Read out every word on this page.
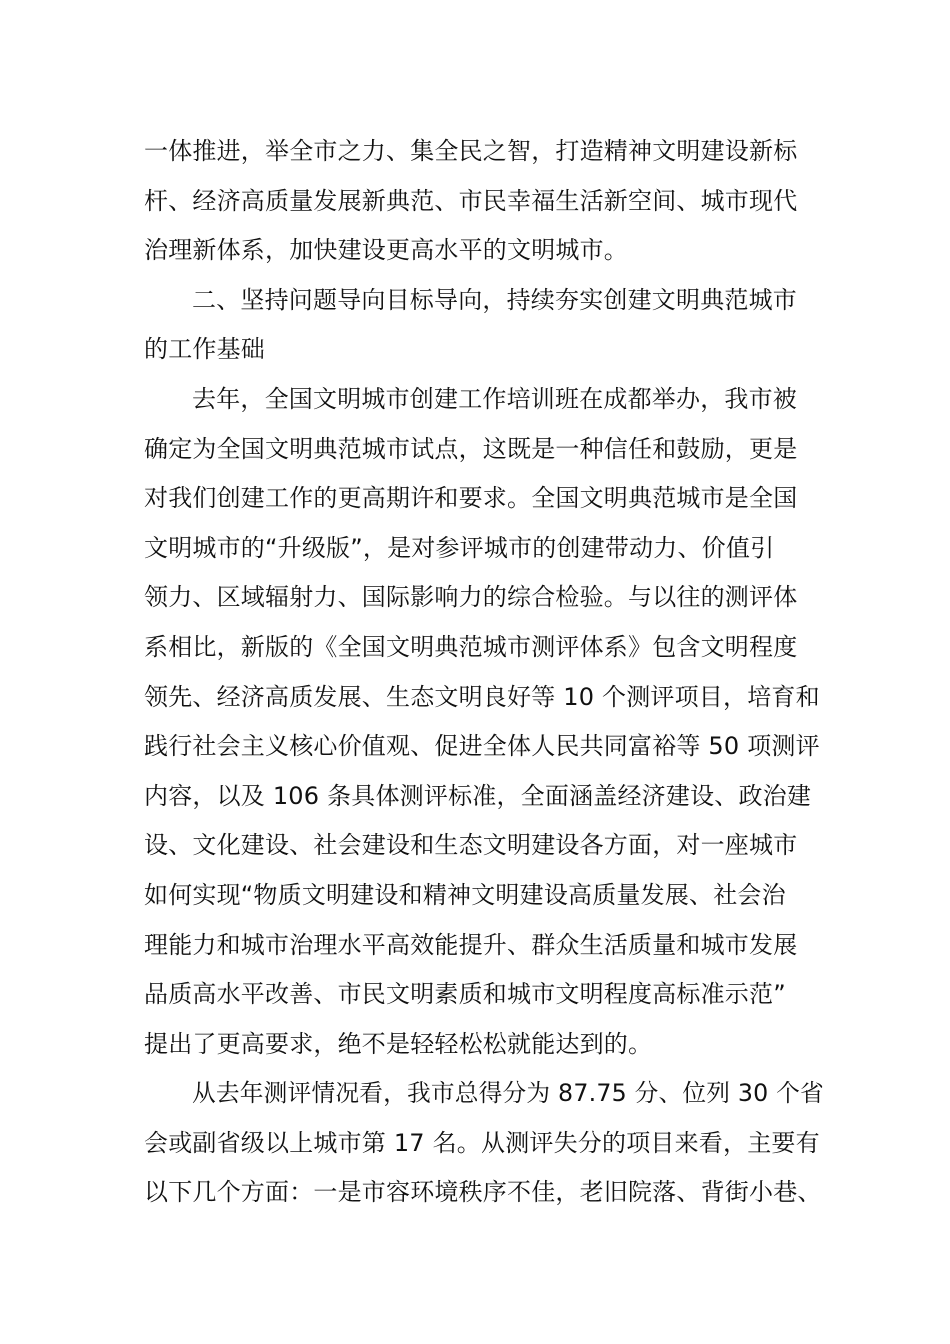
一体推进，举全市之力、集全民之智，打造精神文明建设新标
杆、经济高质量发展新典范、市民幸福生活新空间、城市现代
治理新体系，加快建设更高水平的文明城市。
二、坚持问题导向目标导向，持续夯实创建文明典范城市
的工作基础
去年，全国文明城市创建工作培训班在成都举办，我市被
确定为全国文明典范城市试点，这既是一种信任和鼓励，更是
对我们创建工作的更高期许和要求。全国文明典范城市是全国
文明城市的“升级版”，是对参评城市的创建带动力、价值引
领力、区域辐射力、国际影响力的综合检验。与以往的测评体
系相比，新版的《全国文明典范城市测评体系》包含文明程度
领先、经济高质发展、生态文明良好等 10 个测评项目，培育和
践行社会主义核心价值观、促进全体人民共同富裕等 50 项测评
内容，以及 106 条具体测评标准，全面涵盖经济建设、政治建
设、文化建设、社会建设和生态文明建设各方面，对一座城市
如何实现“物质文明建设和精神文明建设高质量发展、社会治
理能力和城市治理水平高效能提升、群众生活质量和城市发展
品质高水平改善、市民文明素质和城市文明程度高标准示范”
提出了更高要求，绝不是轻轻松松就能达到的。
从去年测评情况看，我市总得分为 87.75 分、位列 30 个省
会或副省级以上城市第 17 名。从测评失分的项目来看，主要有
以下几个方面：一是市容环境秩序不佳，老旧院落、背街小巷、
